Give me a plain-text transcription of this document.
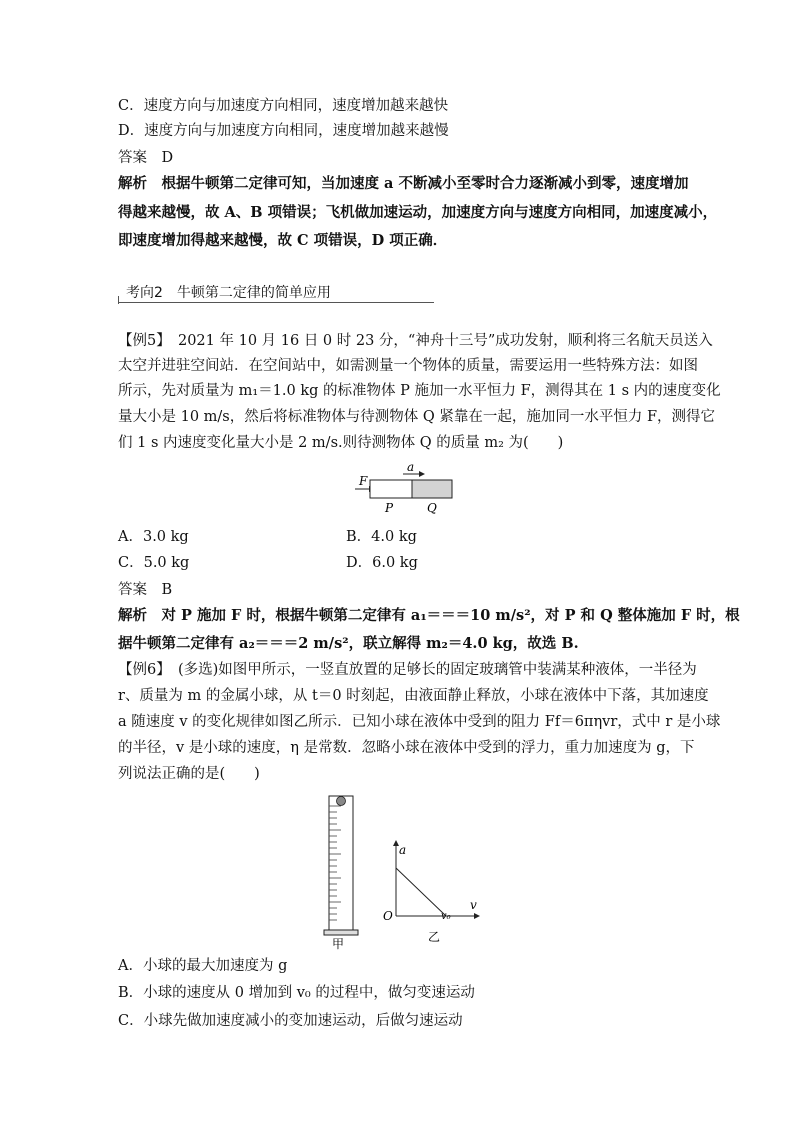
C．速度方向与加速度方向相同，速度增加越来越快
D．速度方向与加速度方向相同，速度增加越来越慢
答案　D
解析　根据牛顿第二定律可知，当加速度 a 不断减小至零时合力逐渐减小到零，速度增加
得越来越慢，故 A、B 项错误；飞机做加速运动，加速度方向与速度方向相同，加速度减小，
即速度增加得越来越慢，故 C 项错误，D 项正确．
考向2　牛顿第二定律的简单应用
【例5】　2021 年 10 月 16 日 0 时 23 分，“神舟十三号”成功发射，顺利将三名航天员送入
太空并进驻空间站．在空间站中，如需测量一个物体的质量，需要运用一些特殊方法：如图
所示，先对质量为 m₁＝1.0 kg 的标准物体 P 施加一水平恒力 F，测得其在 1 s 内的速度变化
量大小是 10 m/s，然后将标准物体与待测物体 Q 紧靠在一起，施加同一水平恒力 F，测得它
们 1 s 内速度变化量大小是 2 m/s.则待测物体 Q 的质量 m₂ 为(　　)
F
a
P	Q
A．3.0 kg	B．4.0 kg
C．5.0 kg	D．6.0 kg
答案　B
解析　对 P 施加 F 时，根据牛顿第二定律有 a₁＝＝＝10 m/s²，对 P 和 Q 整体施加 F 时，根
据牛顿第二定律有 a₂＝＝＝2 m/s²，联立解得 m₂＝4.0 kg，故选 B.
【例6】　(多选)如图甲所示，一竖直放置的足够长的固定玻璃管中装满某种液体，一半径为
r、质量为 m 的金属小球，从 t＝0 时刻起，由液面静止释放，小球在液体中下落，其加速度
a 随速度 v 的变化规律如图乙所示．已知小球在液体中受到的阻力 Ff＝6πηvr，式中 r 是小球
的半径，v 是小球的速度，η 是常数．忽略小球在液体中受到的浮力，重力加速度为 g，下
列说法正确的是(　　)
甲
a
v
O	v₀
乙
A．小球的最大加速度为 g
B．小球的速度从 0 增加到 v₀ 的过程中，做匀变速运动
C．小球先做加速度减小的变加速运动，后做匀速运动
